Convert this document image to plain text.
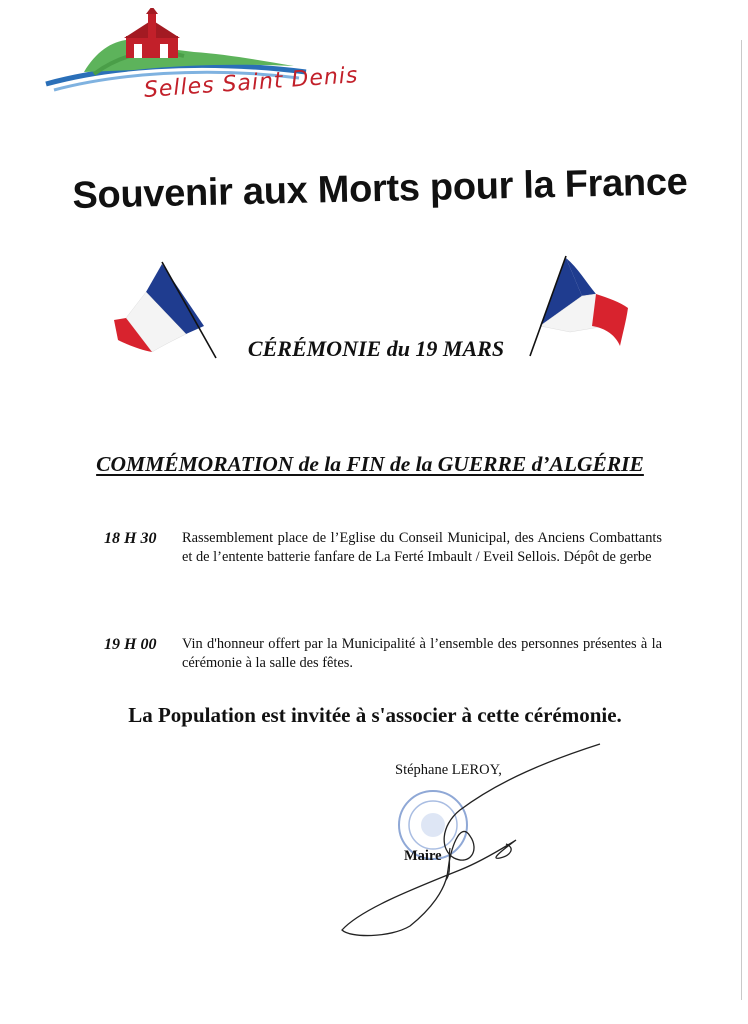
Selles Saint Denis
Souvenir aux Morts pour la France
CÉRÉMONIE du 19 MARS
COMMÉMORATION de la FIN de la GUERRE d’ALGÉRIE
18 H 30	Rassemblement place de l’Eglise du Conseil Municipal, des Anciens Combattants et de l’entente batterie fanfare de La Ferté Imbault / Eveil Sellois. Dépôt de gerbe
19 H 00	Vin d'honneur offert par la Municipalité à l’ensemble des personnes présentes à la cérémonie à la salle des fêtes.
La Population est invitée à s'associer à cette cérémonie.
Stéphane LEROY,
Maire
